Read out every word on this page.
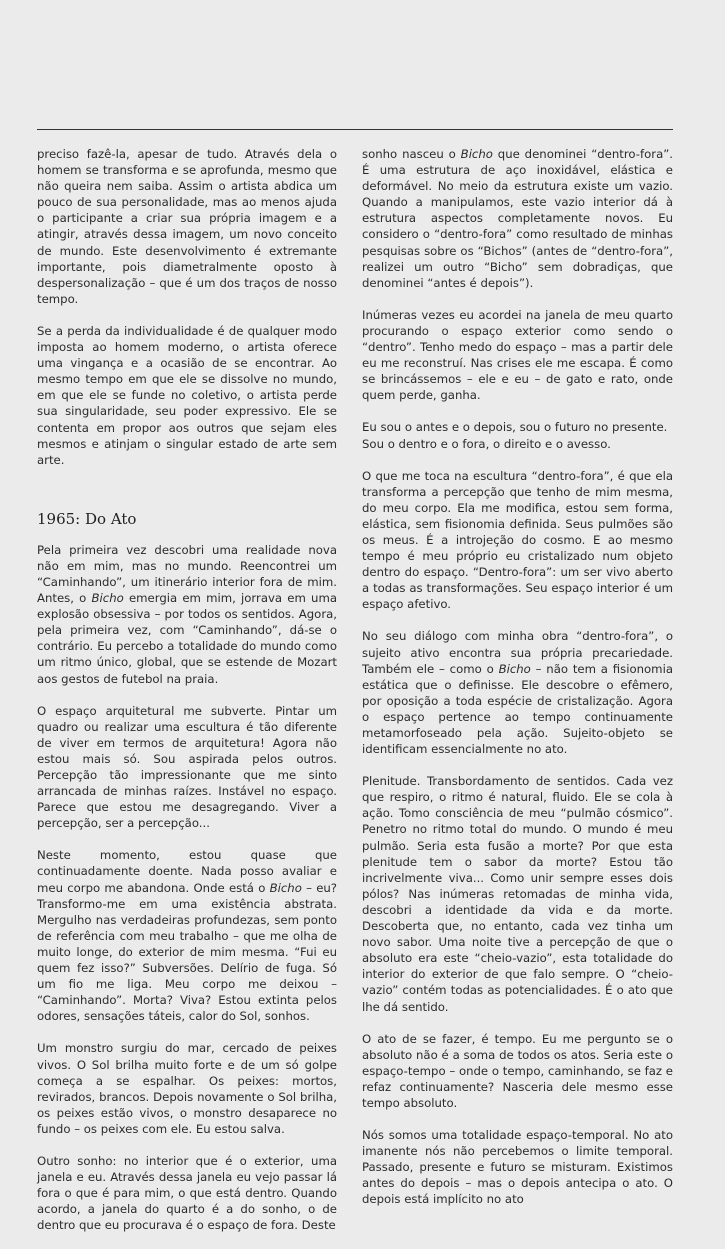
preciso fazê-la, apesar de tudo. Através dela o homem se transforma e se aprofunda, mesmo que não queira nem saiba. Assim o artista abdica um pouco de sua personalidade, mas ao menos ajuda o participante a criar sua própria imagem e a atingir, através dessa imagem, um novo conceito de mundo. Este desenvolvimento é extremante importante, pois diametralmente oposto à despersonalização – que é um dos traços de nosso tempo.

Se a perda da individualidade é de qualquer modo imposta ao homem moderno, o artista oferece uma vingança e a ocasião de se encontrar. Ao mesmo tempo em que ele se dissolve no mundo, em que ele se funde no coletivo, o artista perde sua singularidade, seu poder expressivo. Ele se contenta em propor aos outros que sejam eles mesmos e atinjam o singular estado de arte sem arte.

1965: Do Ato

Pela primeira vez descobri uma realidade nova não em mim, mas no mundo. Reencontrei um “Caminhando”, um itinerário interior fora de mim. Antes, o Bicho emergia em mim, jorrava em uma explosão obsessiva – por todos os sentidos. Agora, pela primeira vez, com “Caminhando”, dá-se o contrário. Eu percebo a totalidade do mundo como um ritmo único, global, que se estende de Mozart aos gestos de futebol na praia.

O espaço arquitetural me subverte. Pintar um quadro ou realizar uma escultura é tão diferente de viver em termos de arquitetura! Agora não estou mais só. Sou aspirada pelos outros. Percepção tão impressionante que me sinto arrancada de minhas raízes. Instável no espaço. Parece que estou me desagregando. Viver a percepção, ser a percepção...

Neste momento, estou quase que continuadamente doente. Nada posso avaliar e meu corpo me abandona. Onde está o Bicho – eu? Transformo-me em uma existência abstrata. Mergulho nas verdadeiras profundezas, sem ponto de referência com meu trabalho – que me olha de muito longe, do exterior de mim mesma. “Fui eu quem fez isso?” Subversões. Delírio de fuga. Só um fio me liga. Meu corpo me deixou – “Caminhando”. Morta? Viva? Estou extinta pelos odores, sensações táteis, calor do Sol, sonhos.

Um monstro surgiu do mar, cercado de peixes vivos. O Sol brilha muito forte e de um só golpe começa a se espalhar. Os peixes: mortos, revirados, brancos. Depois novamente o Sol brilha, os peixes estão vivos, o monstro desaparece no fundo – os peixes com ele. Eu estou salva.

Outro sonho: no interior que é o exterior, uma janela e eu. Através dessa janela eu vejo passar lá fora o que é para mim, o que está dentro. Quando acordo, a janela do quarto é a do sonho, o de dentro que eu procurava é o espaço de fora. Deste

sonho nasceu o Bicho que denominei “dentro-fora”. É uma estrutura de aço inoxidável, elástica e deformável. No meio da estrutura existe um vazio. Quando a manipulamos, este vazio interior dá à estrutura aspectos completamente novos. Eu considero o “dentro-fora” como resultado de minhas pesquisas sobre os “Bichos” (antes de “dentro-fora”, realizei um outro “Bicho” sem dobradiças, que denominei “antes é depois”).

Inúmeras vezes eu acordei na janela de meu quarto procurando o espaço exterior como sendo o “dentro”. Tenho medo do espaço – mas a partir dele eu me reconstruí. Nas crises ele me escapa. É como se brincássemos – ele e eu – de gato e rato, onde quem perde, ganha.

Eu sou o antes e o depois, sou o futuro no presente.
Sou o dentro e o fora, o direito e o avesso.

O que me toca na escultura “dentro-fora”, é que ela transforma a percepção que tenho de mim mesma, do meu corpo. Ela me modifica, estou sem forma, elástica, sem fisionomia definida. Seus pulmões são os meus. É a introjeção do cosmo. E ao mesmo tempo é meu próprio eu cristalizado num objeto dentro do espaço. “Dentro-fora”: um ser vivo aberto a todas as transformações. Seu espaço interior é um espaço afetivo.

No seu diálogo com minha obra “dentro-fora”, o sujeito ativo encontra sua própria precariedade. Também ele – como o Bicho – não tem a fisionomia estática que o definisse. Ele descobre o efêmero, por oposição a toda espécie de cristalização. Agora o espaço pertence ao tempo continuamente metamorfoseado pela ação. Sujeito-objeto se identificam essencialmente no ato.

Plenitude. Transbordamento de sentidos. Cada vez que respiro, o ritmo é natural, fluido. Ele se cola à ação. Tomo consciência de meu “pulmão cósmico”. Penetro no ritmo total do mundo. O mundo é meu pulmão. Seria esta fusão a morte? Por que esta plenitude tem o sabor da morte? Estou tão incrivelmente viva... Como unir sempre esses dois pólos? Nas inúmeras retomadas de minha vida, descobri a identidade da vida e da morte. Descoberta que, no entanto, cada vez tinha um novo sabor. Uma noite tive a percepção de que o absoluto era este “cheio-vazio”, esta totalidade do interior do exterior de que falo sempre. O “cheio-vazio” contém todas as potencialidades. É o ato que lhe dá sentido.

O ato de se fazer, é tempo. Eu me pergunto se o absoluto não é a soma de todos os atos. Seria este o espaço-tempo – onde o tempo, caminhando, se faz e refaz continuamente? Nasceria dele mesmo esse tempo absoluto.

Nós somos uma totalidade espaço-temporal. No ato imanente nós não percebemos o limite temporal. Passado, presente e futuro se misturam. Existimos antes do depois – mas o depois antecipa o ato. O depois está implícito no ato
